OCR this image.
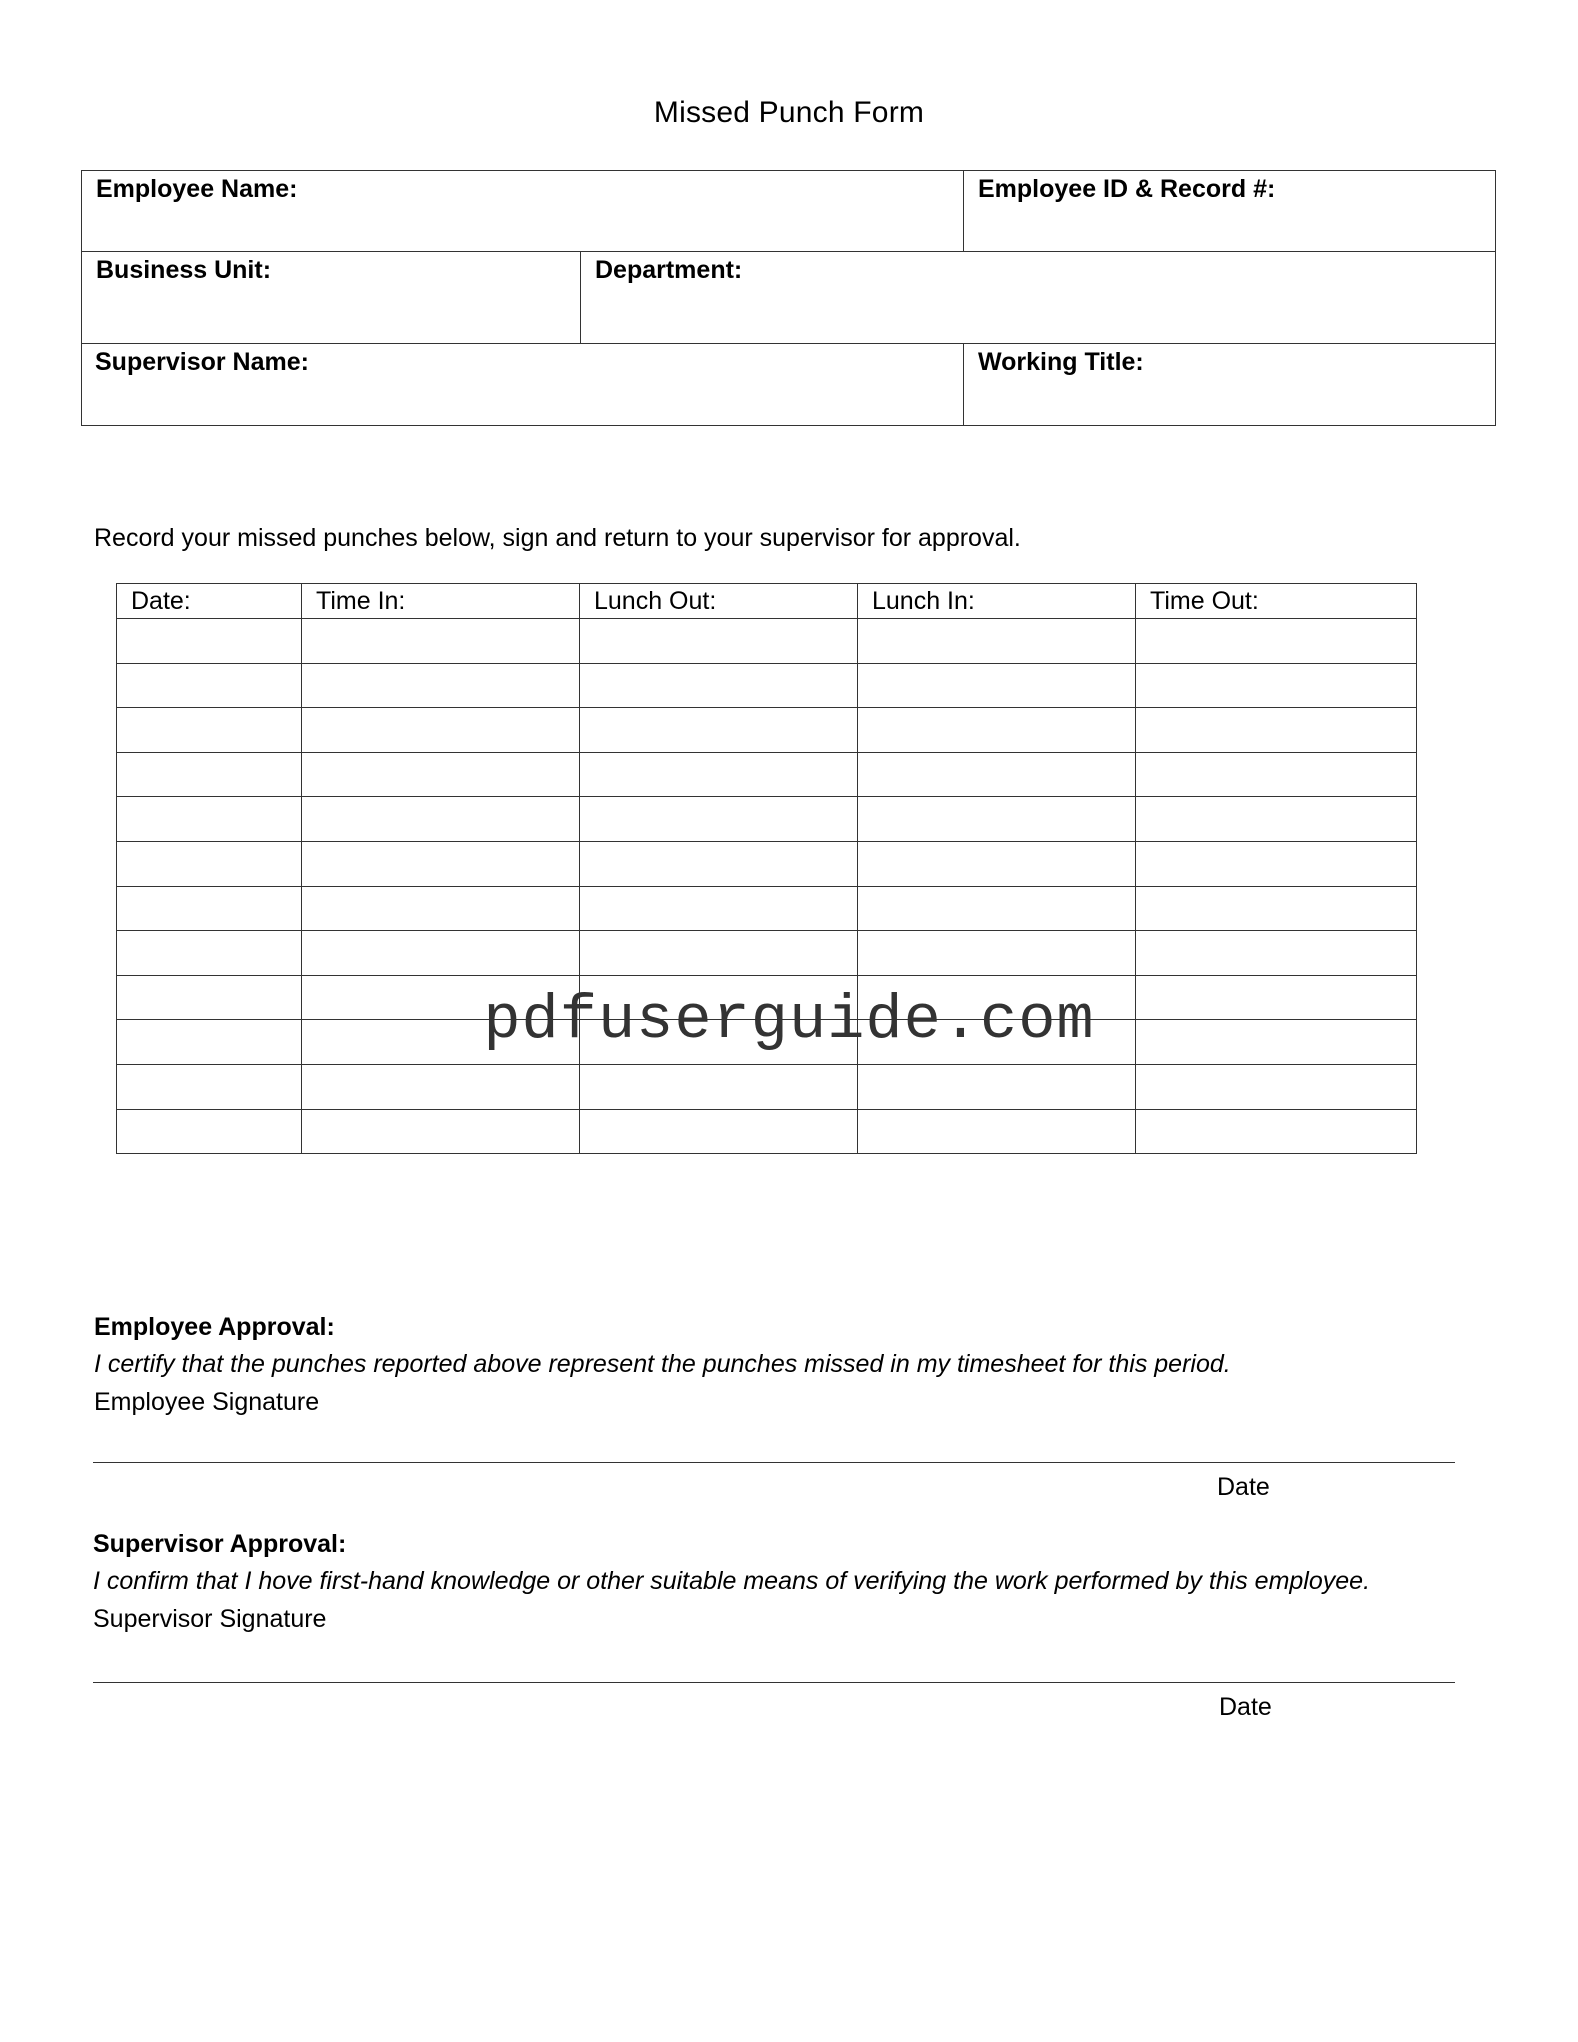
Missed Punch Form
Employee Name:	Employee ID & Record #:
Business Unit:	Department:
Supervisor Name:	Working Title:
Record your missed punches below, sign and return to your supervisor for approval.
Date:	Time In:	Lunch Out:	Lunch In:	Time Out:

pdfuserguide.com
Employee Approval:
I certify that the punches reported above represent the punches missed in my timesheet for this period.
Employee Signature
Date
Supervisor Approval:
I confirm that I hove first-hand knowledge or other suitable means of verifying the work performed by this employee.
Supervisor Signature
Date
